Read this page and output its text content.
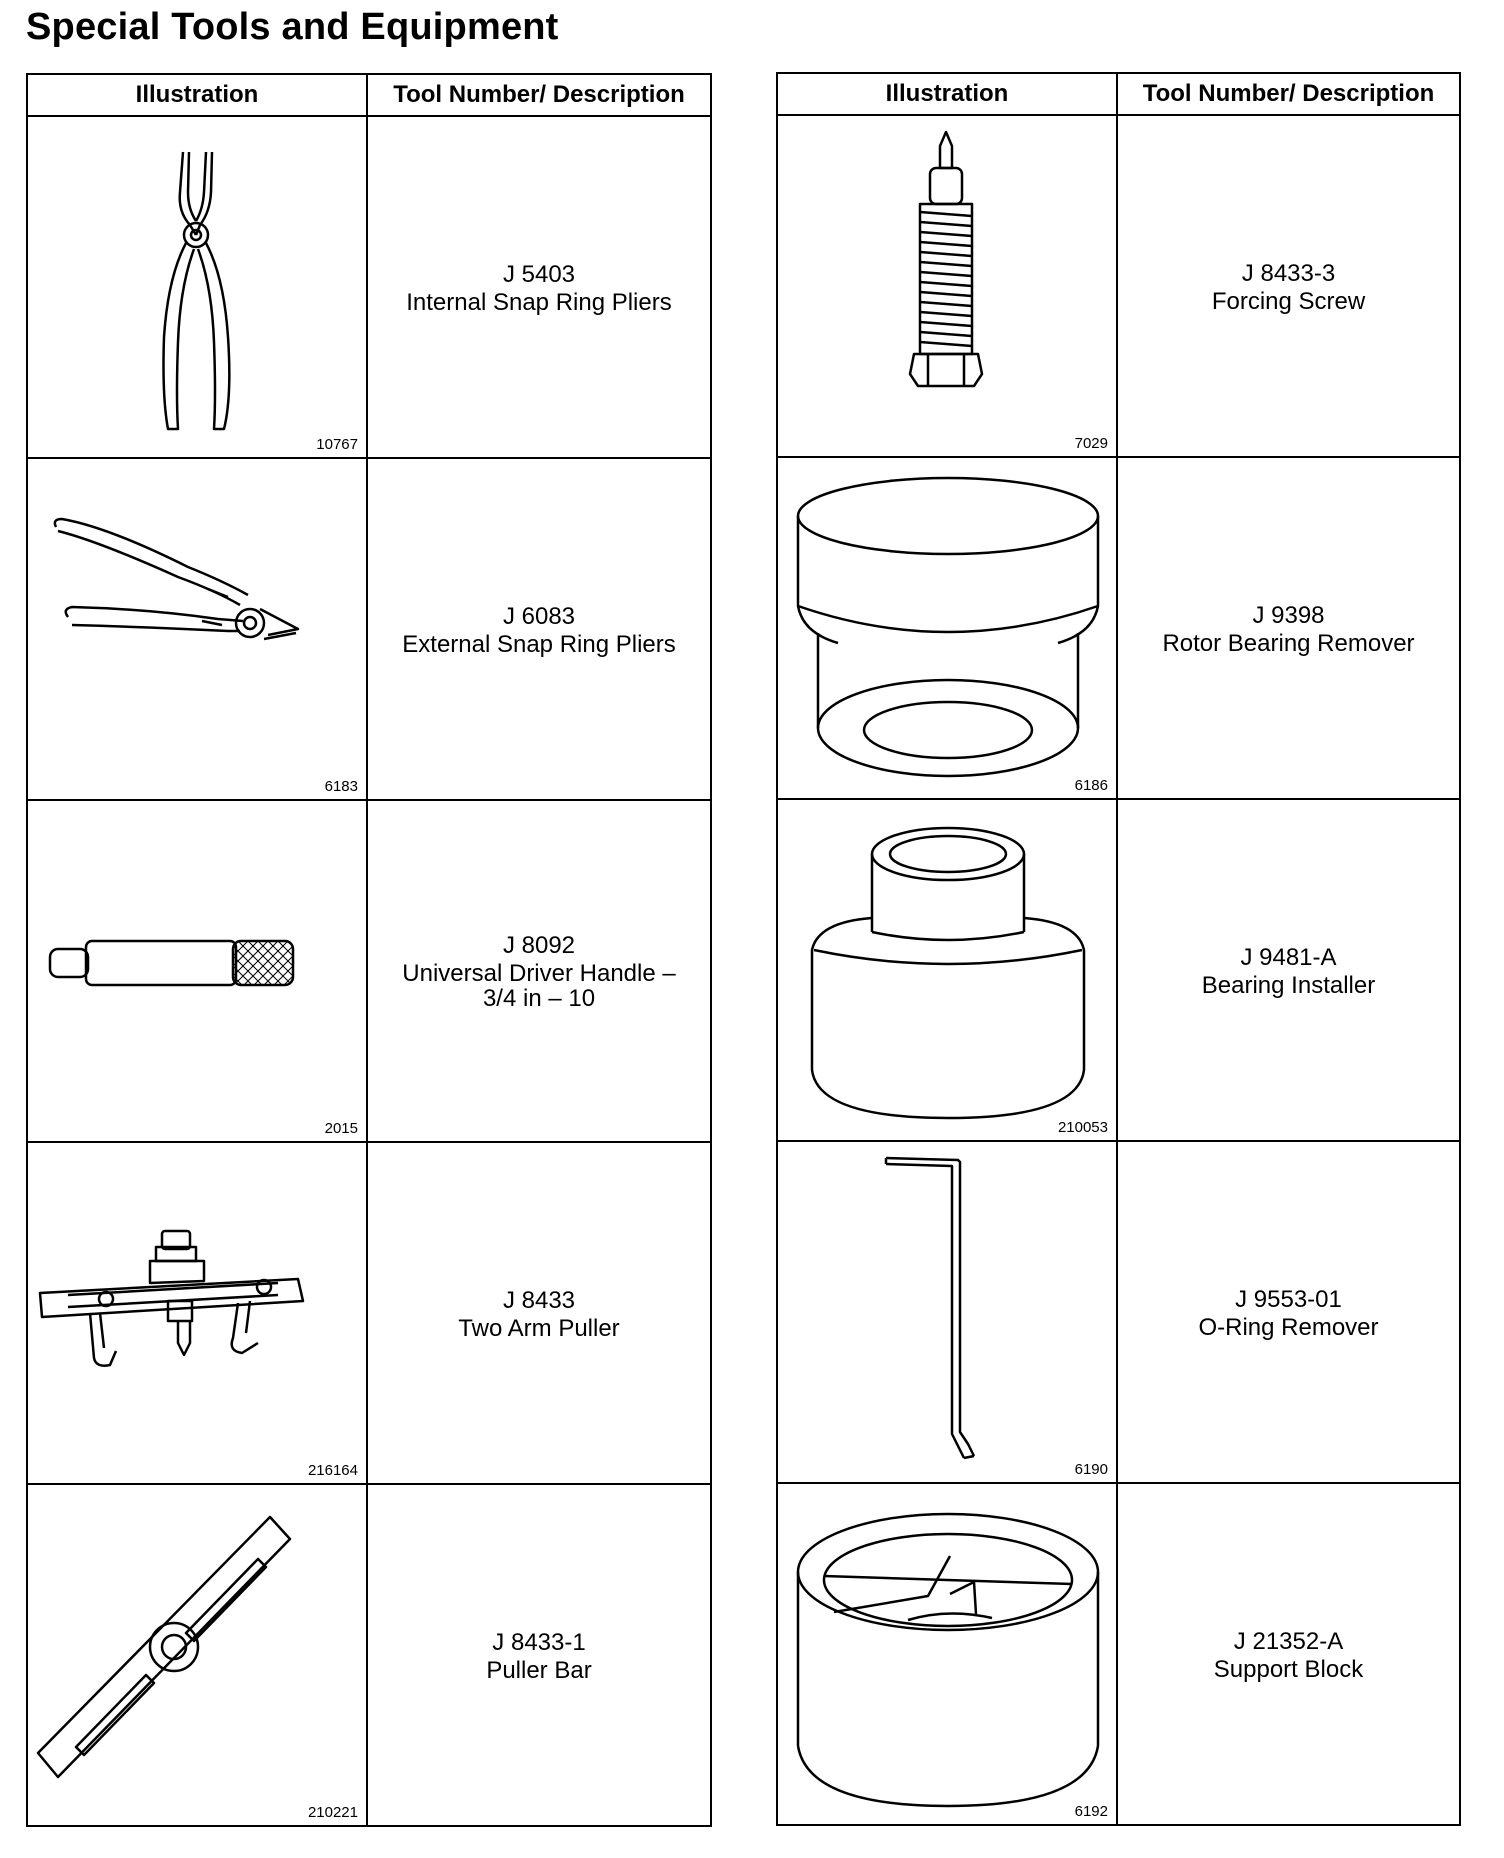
Special Tools and Equipment
Illustration	Tool Number/ Description

10767	J 5403
Internal Snap Ring Pliers

6183	J 6083
External Snap Ring Pliers

2015	J 8092
Universal Driver Handle –
3/4 in – 10

216164	J 8433
Two Arm Puller

210221	J 8433-1
Puller Bar
Illustration	Tool Number/ Description

7029	J 8433-3
Forcing Screw

6186	J 9398
Rotor Bearing Remover

210053	J 9481-A
Bearing Installer

6190	J 9553-01
O-Ring Remover

6192	J 21352-A
Support Block
